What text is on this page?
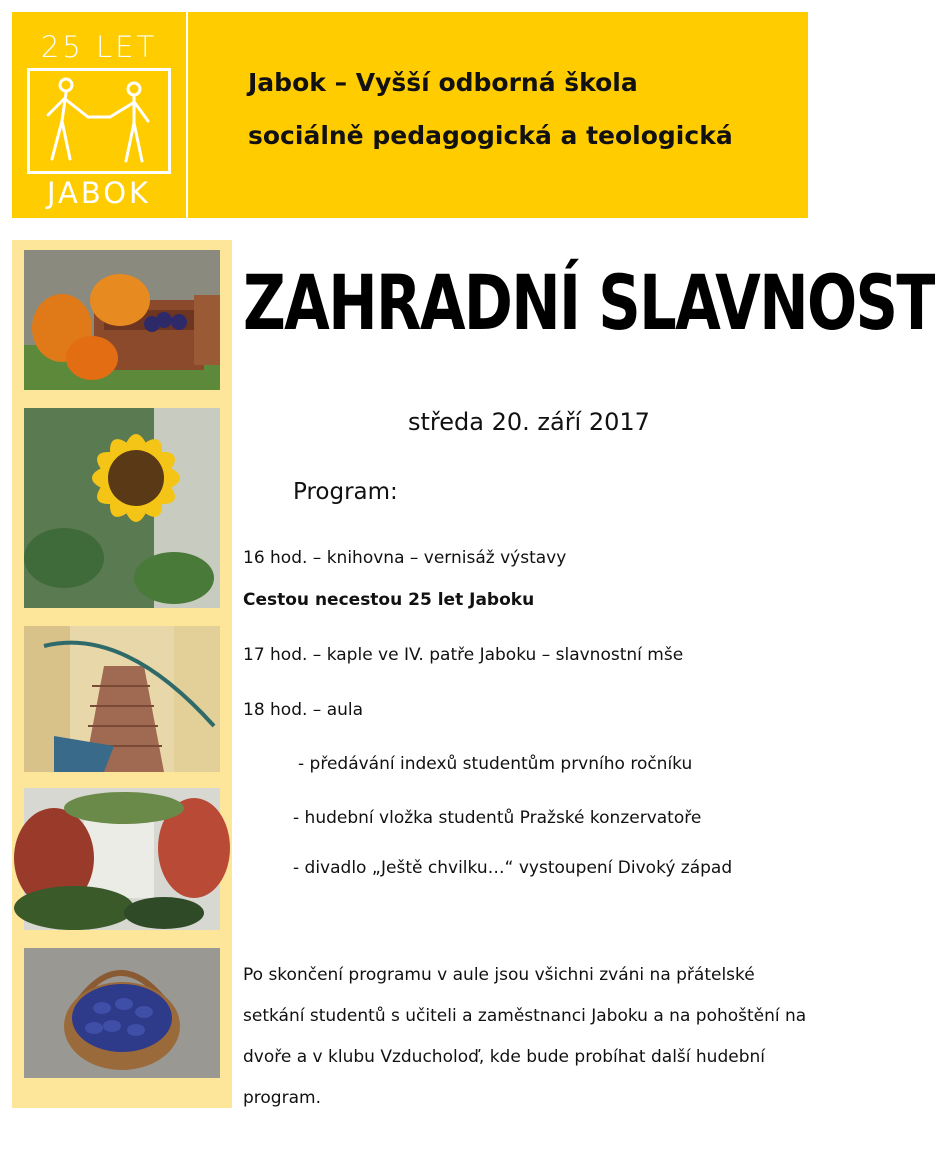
25 LET
JABOK
Jabok – Vyšší odborná škola
sociálně pedagogická a teologická
ZAHRADNÍ SLAVNOST
středa 20. září 2017
Program:
16 hod. – knihovna – vernisáž výstavy
Cestou necestou 25 let Jaboku
17 hod. – kaple ve IV. patře Jaboku – slavnostní mše
18 hod. – aula
- předávání indexů studentům prvního ročníku
- hudební vložka studentů Pražské konzervatoře
- divadlo „Ještě chvilku…“ vystoupení Divoký západ
Po skončení programu v aule jsou všichni zváni na přátelské setkání studentů s učiteli a zaměstnanci Jaboku a na pohoštění na dvoře a v klubu Vzducholoď, kde bude probíhat další hudební program.
